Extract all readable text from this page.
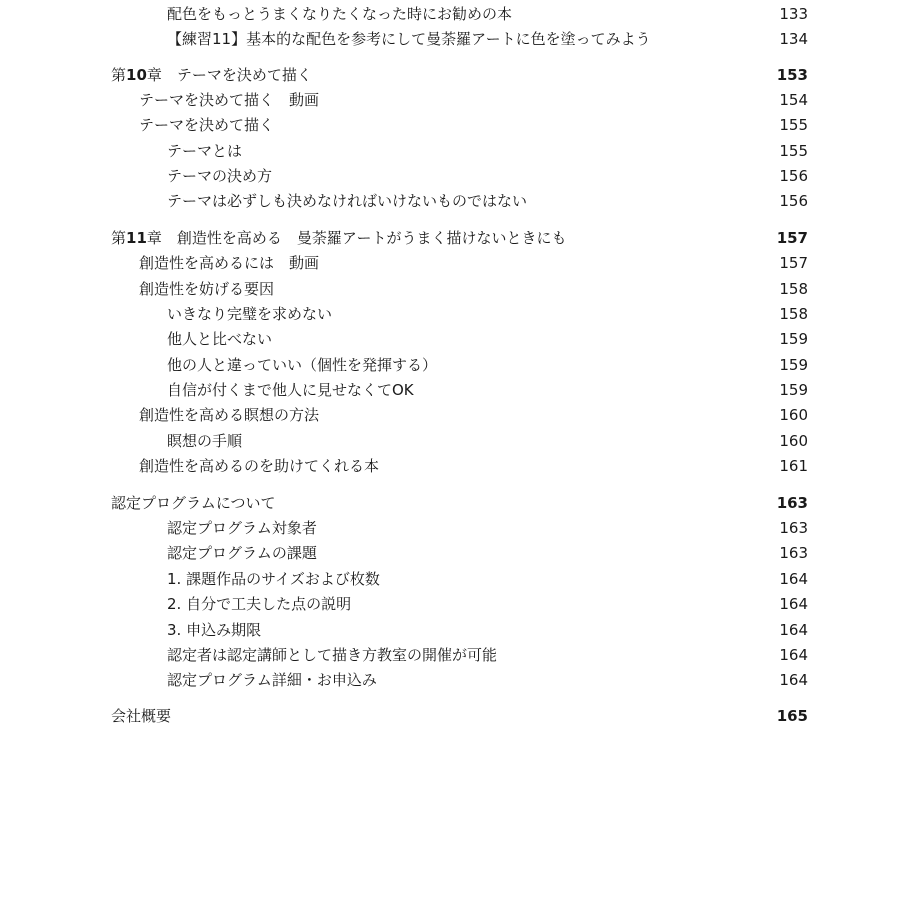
配色をもっとうまくなりたくなった時にお勧めの本	133
【練習11】基本的な配色を参考にして曼荼羅アートに色を塗ってみよう	134
第10章　テーマを決めて描く	153
テーマを決めて描く　動画	154
テーマを決めて描く	155
テーマとは	155
テーマの決め方	156
テーマは必ずしも決めなければいけないものではない	156
第11章　創造性を高める　曼荼羅アートがうまく描けないときにも	157
創造性を高めるには　動画	157
創造性を妨げる要因	158
いきなり完璧を求めない	158
他人と比べない	159
他の人と違っていい（個性を発揮する）	159
自信が付くまで他人に見せなくてOK	159
創造性を高める瞑想の方法	160
瞑想の手順	160
創造性を高めるのを助けてくれる本	161
認定プログラムについて	163
認定プログラム対象者	163
認定プログラムの課題	163
1. 課題作品のサイズおよび枚数	164
2. 自分で工夫した点の説明	164
3. 申込み期限	164
認定者は認定講師として描き方教室の開催が可能	164
認定プログラム詳細・お申込み	164
会社概要	165
